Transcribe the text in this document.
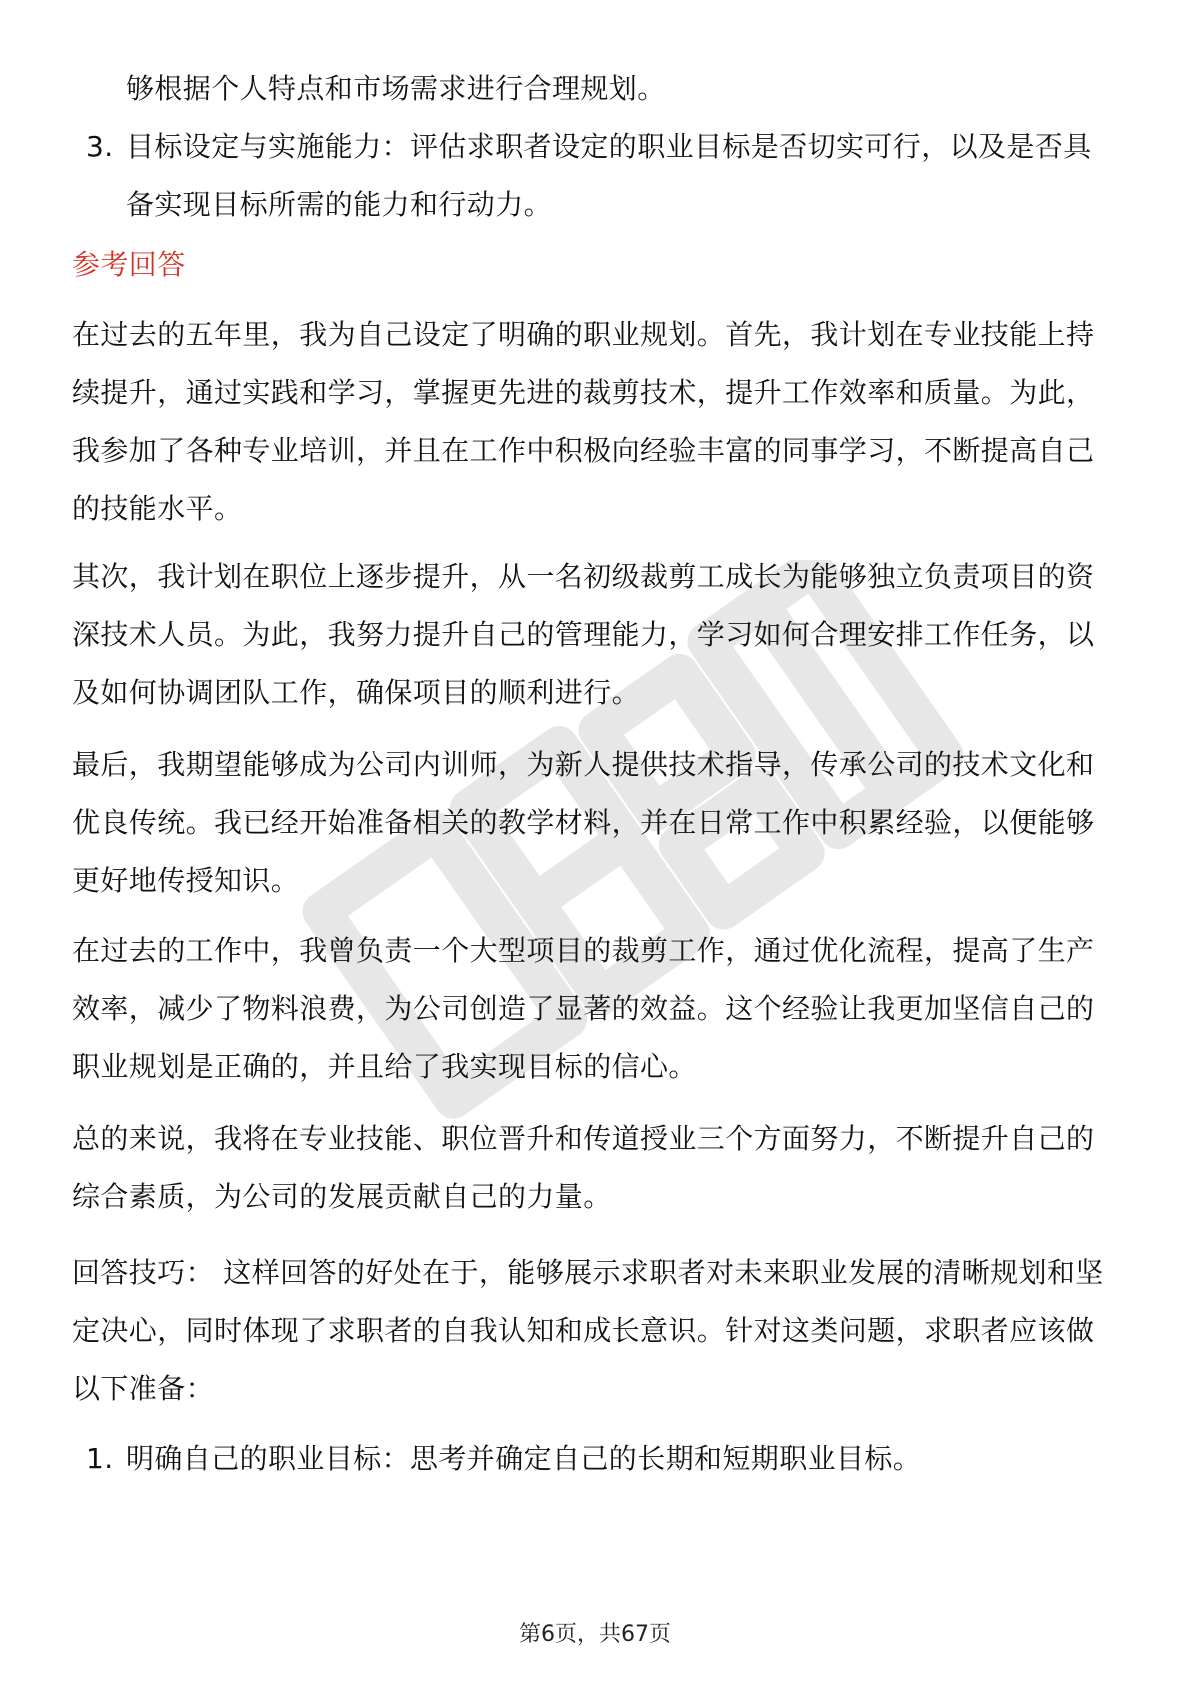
够根据个人特点和市场需求进行合理规划。
3. 目标设定与实施能力：评估求职者设定的职业目标是否切实可行，以及是否具备实现目标所需的能力和行动力。
参考回答
在过去的五年里，我为自己设定了明确的职业规划。首先，我计划在专业技能上持续提升，通过实践和学习，掌握更先进的裁剪技术，提升工作效率和质量。为此，我参加了各种专业培训，并且在工作中积极向经验丰富的同事学习，不断提高自己的技能水平。
其次，我计划在职位上逐步提升，从一名初级裁剪工成长为能够独立负责项目的资深技术人员。为此，我努力提升自己的管理能力，学习如何合理安排工作任务，以及如何协调团队工作，确保项目的顺利进行。
最后，我期望能够成为公司内训师，为新人提供技术指导，传承公司的技术文化和优良传统。我已经开始准备相关的教学材料，并在日常工作中积累经验，以便能够更好地传授知识。
在过去的工作中，我曾负责一个大型项目的裁剪工作，通过优化流程，提高了生产效率，减少了物料浪费，为公司创造了显著的效益。这个经验让我更加坚信自己的职业规划是正确的，并且给了我实现目标的信心。
总的来说，我将在专业技能、职位晋升和传道授业三个方面努力，不断提升自己的综合素质，为公司的发展贡献自己的力量。
回答技巧： 这样回答的好处在于，能够展示求职者对未来职业发展的清晰规划和坚定决心，同时体现了求职者的自我认知和成长意识。针对这类问题，求职者应该做以下准备：
1. 明确自己的职业目标：思考并确定自己的长期和短期职业目标。
第6页，共67页
